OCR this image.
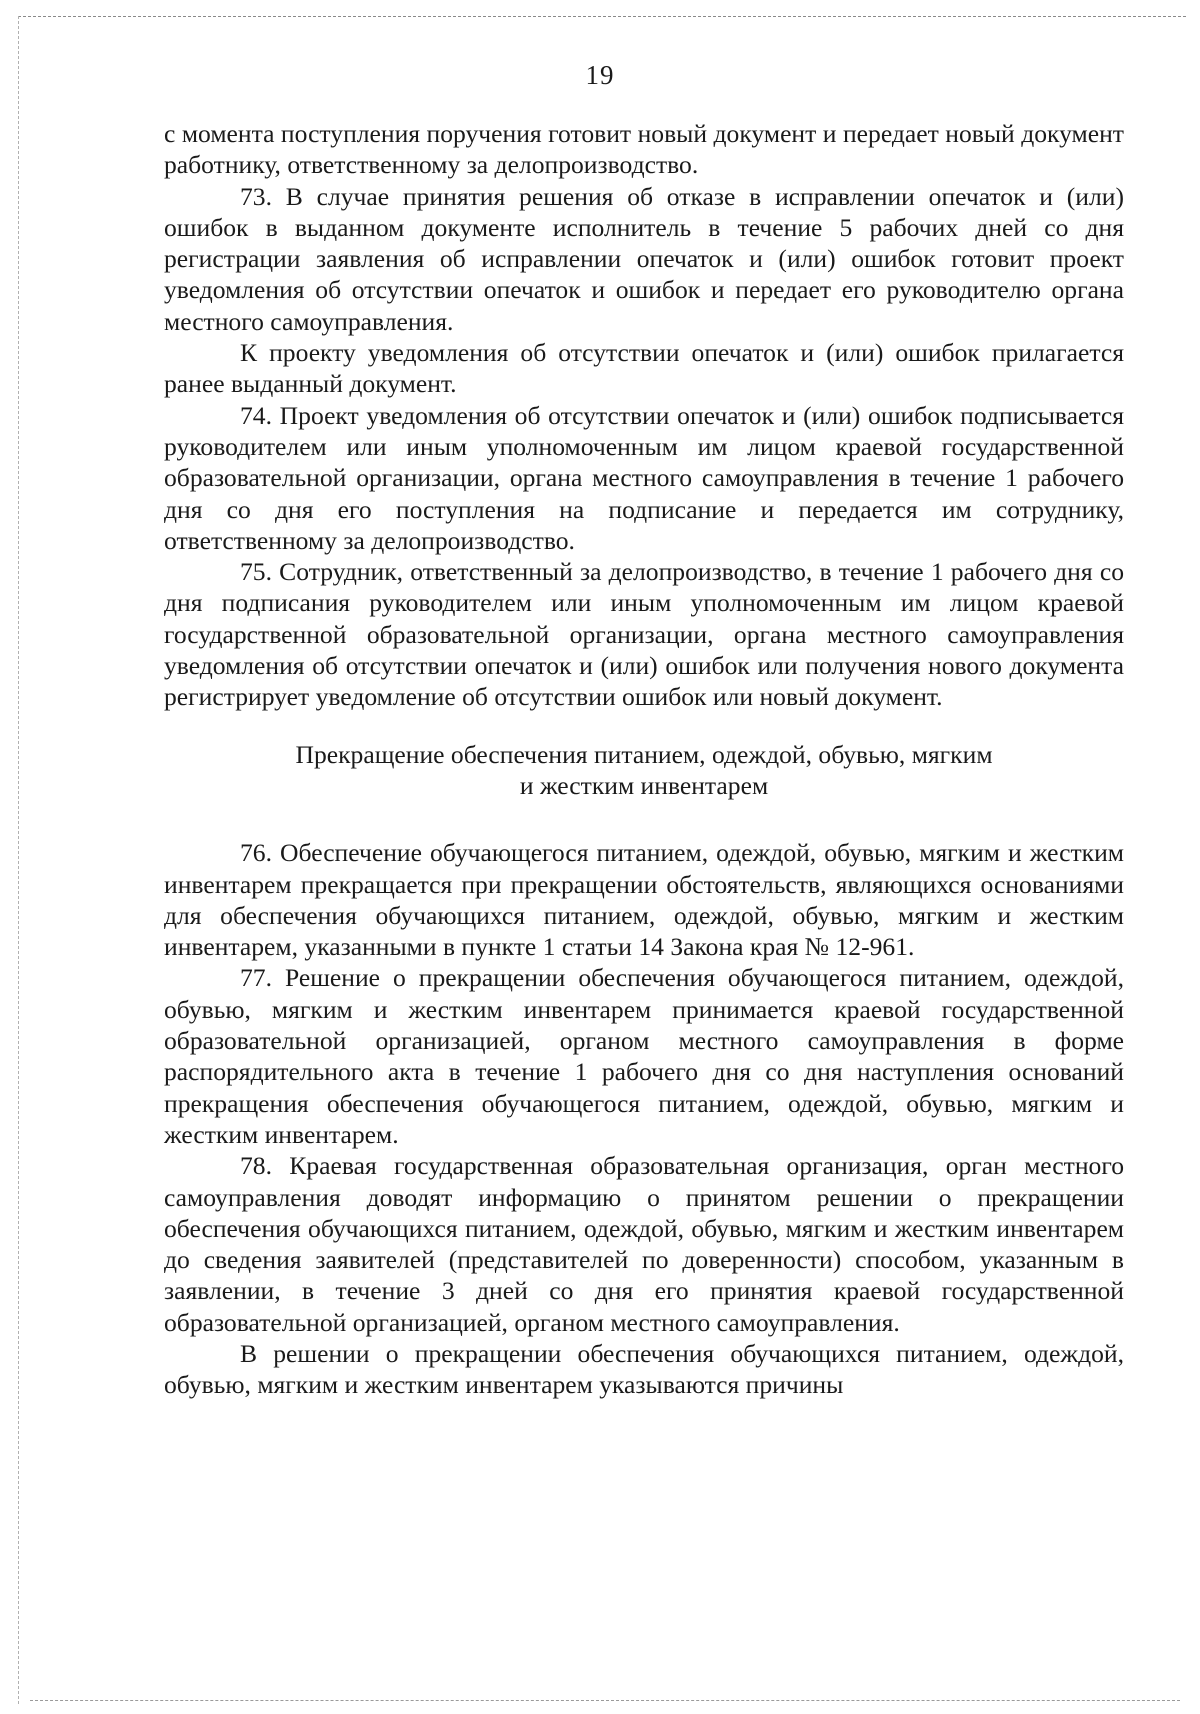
19

с момента поступления поручения готовит новый документ и передает новый документ работнику, ответственному за делопроизводство.

73. В случае принятия решения об отказе в исправлении опечаток и (или) ошибок в выданном документе исполнитель в течение 5 рабочих дней со дня регистрации заявления об исправлении опечаток и (или) ошибок готовит проект уведомления об отсутствии опечаток и ошибок и передает его руководителю органа местного самоуправления.

К проекту уведомления об отсутствии опечаток и (или) ошибок прилагается ранее выданный документ.

74. Проект уведомления об отсутствии опечаток и (или) ошибок подписывается руководителем или иным уполномоченным им лицом краевой государственной образовательной организации, органа местного самоуправления в течение 1 рабочего дня со дня его поступления на подписание и передается им сотруднику, ответственному за делопроизводство.

75. Сотрудник, ответственный за делопроизводство, в течение 1 рабочего дня со дня подписания руководителем или иным уполномоченным им лицом краевой государственной образовательной организации, органа местного самоуправления уведомления об отсутствии опечаток и (или) ошибок или получения нового документа регистрирует уведомление об отсутствии ошибок или новый документ.

Прекращение обеспечения питанием, одеждой, обувью, мягким
и жестким инвентарем

76. Обеспечение обучающегося питанием, одеждой, обувью, мягким и жестким инвентарем прекращается при прекращении обстоятельств, являющихся основаниями для обеспечения обучающихся питанием, одеждой, обувью, мягким и жестким инвентарем, указанными в пункте 1 статьи 14 Закона края № 12-961.

77. Решение о прекращении обеспечения обучающегося питанием, одеждой, обувью, мягким и жестким инвентарем принимается краевой государственной образовательной организацией, органом местного самоуправления в форме распорядительного акта в течение 1 рабочего дня со дня наступления оснований прекращения обеспечения обучающегося питанием, одеждой, обувью, мягким и жестким инвентарем.

78. Краевая государственная образовательная организация, орган местного самоуправления доводят информацию о принятом решении о прекращении обеспечения обучающихся питанием, одеждой, обувью, мягким и жестким инвентарем до сведения заявителей (представителей по доверенности) способом, указанным в заявлении, в течение 3 дней со дня его принятия краевой государственной образовательной организацией, органом местного самоуправления.

В решении о прекращении обеспечения обучающихся питанием, одеждой, обувью, мягким и жестким инвентарем указываются причины
